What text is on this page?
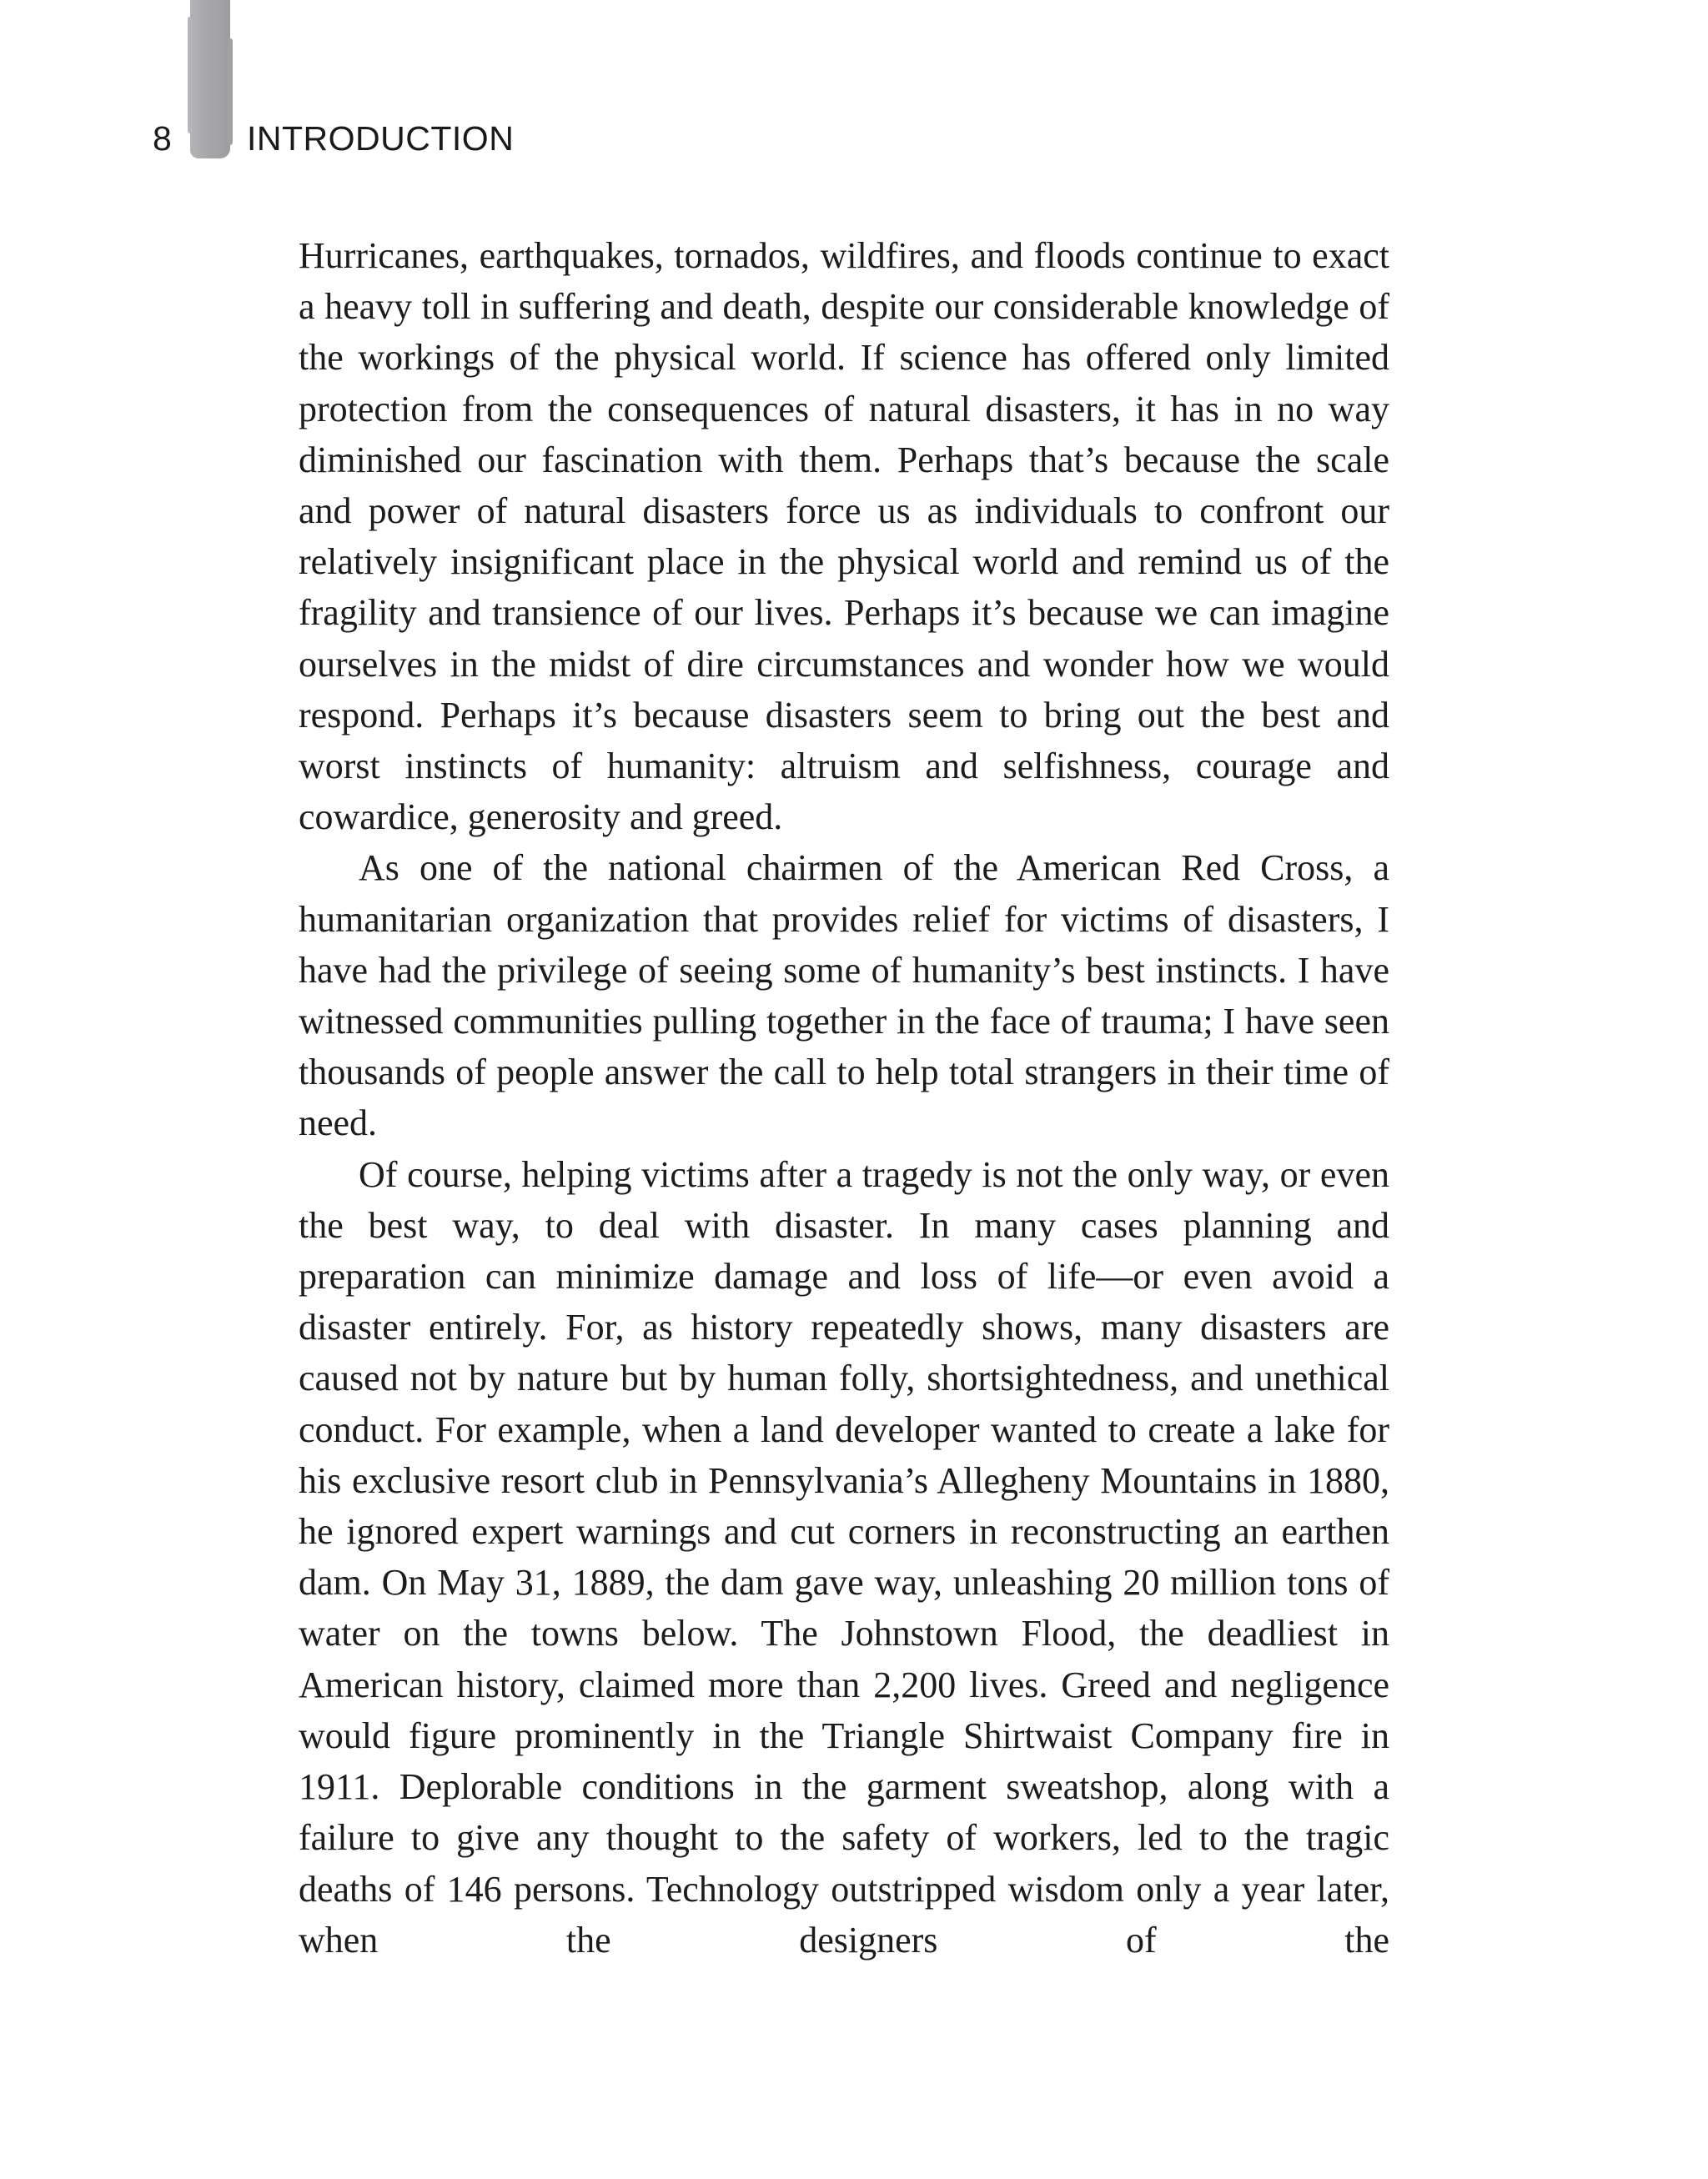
8 INTRODUCTION

Hurricanes, earthquakes, tornados, wildfires, and floods continue to exact a heavy toll in suffering and death, despite our considerable knowledge of the workings of the physical world. If science has offered only limited protection from the consequences of natural disasters, it has in no way diminished our fascination with them. Perhaps that’s because the scale and power of natural disasters force us as individuals to confront our relatively insignificant place in the physical world and remind us of the fragility and transience of our lives. Perhaps it’s because we can imagine ourselves in the midst of dire circumstances and wonder how we would respond. Perhaps it’s because disasters seem to bring out the best and worst instincts of humanity: altruism and selfishness, courage and cowardice, generosity and greed.

As one of the national chairmen of the American Red Cross, a humanitarian organization that provides relief for victims of disasters, I have had the privilege of seeing some of humanity’s best instincts. I have witnessed communities pulling together in the face of trauma; I have seen thousands of people answer the call to help total strangers in their time of need.

Of course, helping victims after a tragedy is not the only way, or even the best way, to deal with disaster. In many cases planning and preparation can minimize damage and loss of life—or even avoid a disaster entirely. For, as history repeatedly shows, many disasters are caused not by nature but by human folly, shortsightedness, and unethical conduct. For example, when a land developer wanted to create a lake for his exclusive resort club in Pennsylvania’s Allegheny Mountains in 1880, he ignored expert warnings and cut corners in reconstructing an earthen dam. On May 31, 1889, the dam gave way, unleashing 20 million tons of water on the towns below. The Johnstown Flood, the deadliest in American history, claimed more than 2,200 lives. Greed and negligence would figure prominently in the Triangle Shirtwaist Company fire in 1911. Deplorable conditions in the garment sweatshop, along with a failure to give any thought to the safety of workers, led to the tragic deaths of 146 persons. Technology outstripped wisdom only a year later, when the designers of the
